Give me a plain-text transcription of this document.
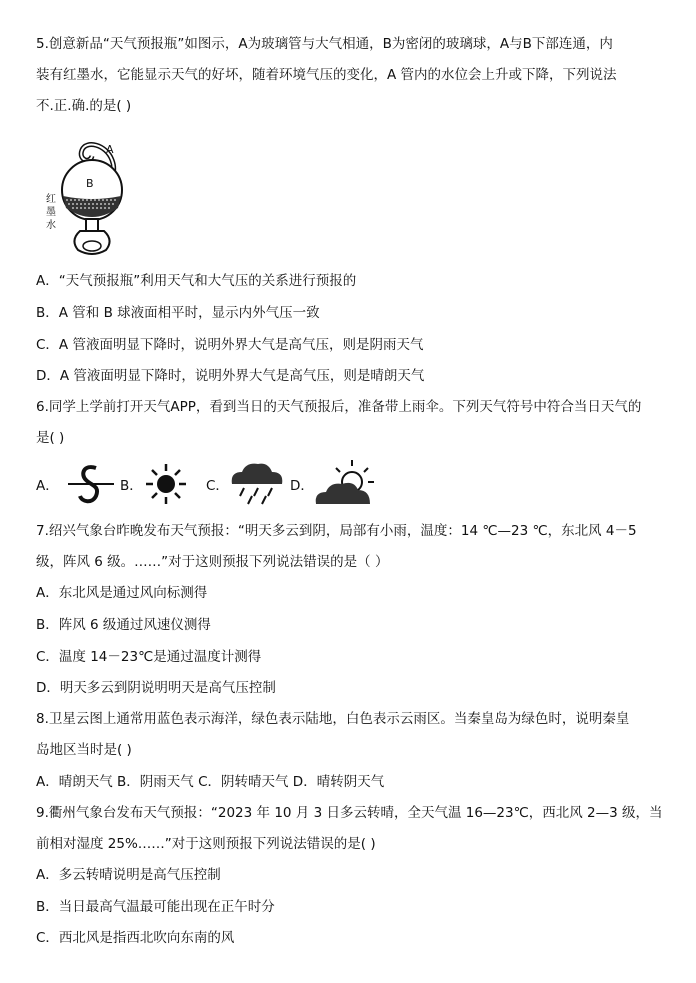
5.创意新品“天气预报瓶”如图示，A为玻璃管与大气相通，B为密闭的玻璃球，A与B下部连通，内
装有红墨水，它能显示天气的好坏，随着环境气压的变化，A 管内的水位会上升或下降，下列说法
不.正.确.的是( )
A
B
红
墨
水
A．“天气预报瓶”利用天气和大气压的关系进行预报的
B．A 管和 B 球液面相平时，显示内外气压一致
C．A 管液面明显下降时，说明外界大气是高气压，则是阴雨天气
D．A 管液面明显下降时，说明外界大气是高气压，则是晴朗天气
6.同学上学前打开天气APP，看到当日的天气预报后，准备带上雨伞。下列天气符号中符合当日天气的
是( )
A．	B．	C．	D．
7.绍兴气象台昨晚发布天气预报：“明天多云到阴，局部有小雨，温度：14 ℃—23 ℃，东北风 4－5
级，阵风 6 级。……”对于这则预报下列说法错误的是（ ）
A．东北风是通过风向标测得
B．阵风 6 级通过风速仪测得
C．温度 14－23℃是通过温度计测得
D．明天多云到阴说明明天是高气压控制
8.卫星云图上通常用蓝色表示海洋，绿色表示陆地，白色表示云雨区。当秦皇岛为绿色时，说明秦皇
岛地区当时是( )
A．晴朗天气 B．阴雨天气 C．阴转晴天气 D．晴转阴天气
9.衢州气象台发布天气预报：“2023 年 10 月 3 日多云转晴，全天气温 16—23℃，西北风 2—3 级，当
前相对湿度 25%……”对于这则预报下列说法错误的是( )
A．多云转晴说明是高气压控制
B．当日最高气温最可能出现在正午时分
C．西北风是指西北吹向东南的风
